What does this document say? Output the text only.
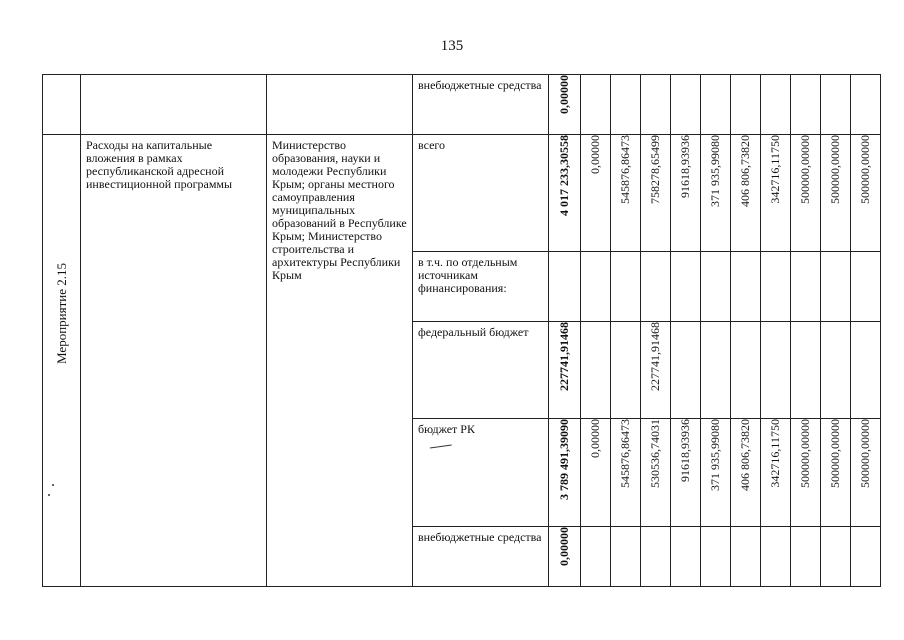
135

			внебюджетные средства	0,00000										
Мероприятие 2.15	Расходы на капитальные вложения в рамках республиканской адресной инвестиционной программы	Министерство образования, науки и молодежи Республики Крым; органы местного самоуправления муниципальных образований в Республике Крым; Министерство строительства и архитектуры Республики Крым	всего	4 017 233,30558	0,00000	545876,86473	758278,65499	91618,93936	371 935,99080	406 806,73820	342716,11750	500000,00000	500000,00000	500000,00000

			в т.ч. по отдельным источникам финансирования:											

			федеральный бюджет	227741,91468			227741,91468							

			бюджет РК	3 789 491,39090	0,00000	545876,86473	530536,74031	91618,93936	371 935,99080	406 806,73820	342716,11750	500000,00000	500000,00000	500000,00000

			внебюджетные средства	0,00000										
